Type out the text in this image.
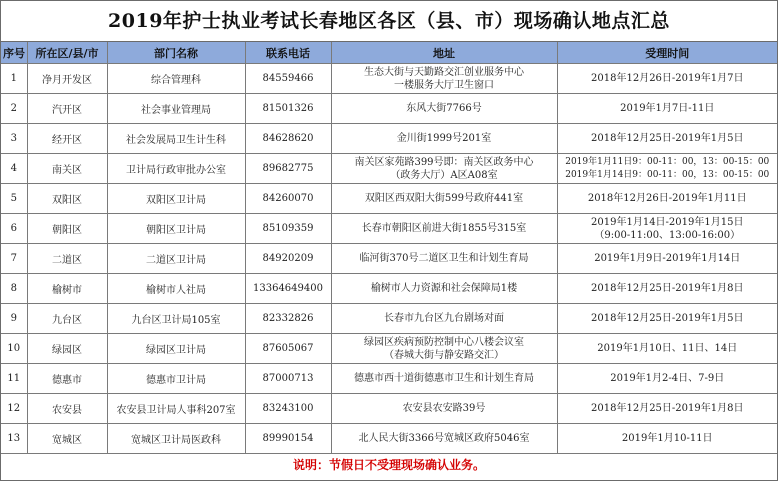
2019年护士执业考试长春地区各区（县、市）现场确认地点汇总
序号	所在区/县/市	部门名称	联系电话	地址	受理时间
1	净月开发区	综合管理科	84559466	生态大街与天勤路交汇创业服务中心
一楼服务大厅卫生窗口	2018年12月26日-2019年1月7日

2	汽开区	社会事业管理局	81501326	东风大街7766号	2019年1月7日-11日

3	经开区	社会发展局卫生计生科	84628620	金川街1999号201室	2018年12月25日-2019年1月5日

4	南关区	卫计局行政审批办公室	89682775	南关区家苑路399号即：南关区政务中心
（政务大厅）A区A08室	2019年1月11日9：00-11：00，13：00-15：00
2019年1月14日9：00-11：00，13：00-15：00

5	双阳区	双阳区卫计局	84260070	双阳区西双阳大街599号政府441室	2018年12月26日-2019年1月11日

6	朝阳区	朝阳区卫计局	85109359	长春市朝阳区前进大街1855号315室	2019年1月14日-2019年1月15日
（9:00-11:00、13:00-16:00）

7	二道区	二道区卫计局	84920209	临河街370号二道区卫生和计划生育局	2019年1月9日-2019年1月14日

8	榆树市	榆树市人社局	13364649400	榆树市人力资源和社会保障局1楼	2018年12月25日-2019年1月8日

9	九台区	九台区卫计局105室	82332826	长春市九台区九台剧场对面	2018年12月25日-2019年1月5日

10	绿园区	绿园区卫计局	87605067	绿园区疾病预防控制中心八楼会议室
（春城大街与静安路交汇）	2019年1月10日、11日、14日

11	德惠市	德惠市卫计局	87000713	德惠市西十道街德惠市卫生和计划生育局	2019年1月2-4日、7-9日

12	农安县	农安县卫计局人事科207室	83243100	农安县农安路39号	2018年12月25日-2019年1月8日

13	宽城区	宽城区卫计局医政科	89990154	北人民大街3366号宽城区政府5046室	2019年1月10-11日
说明：节假日不受理现场确认业务。
